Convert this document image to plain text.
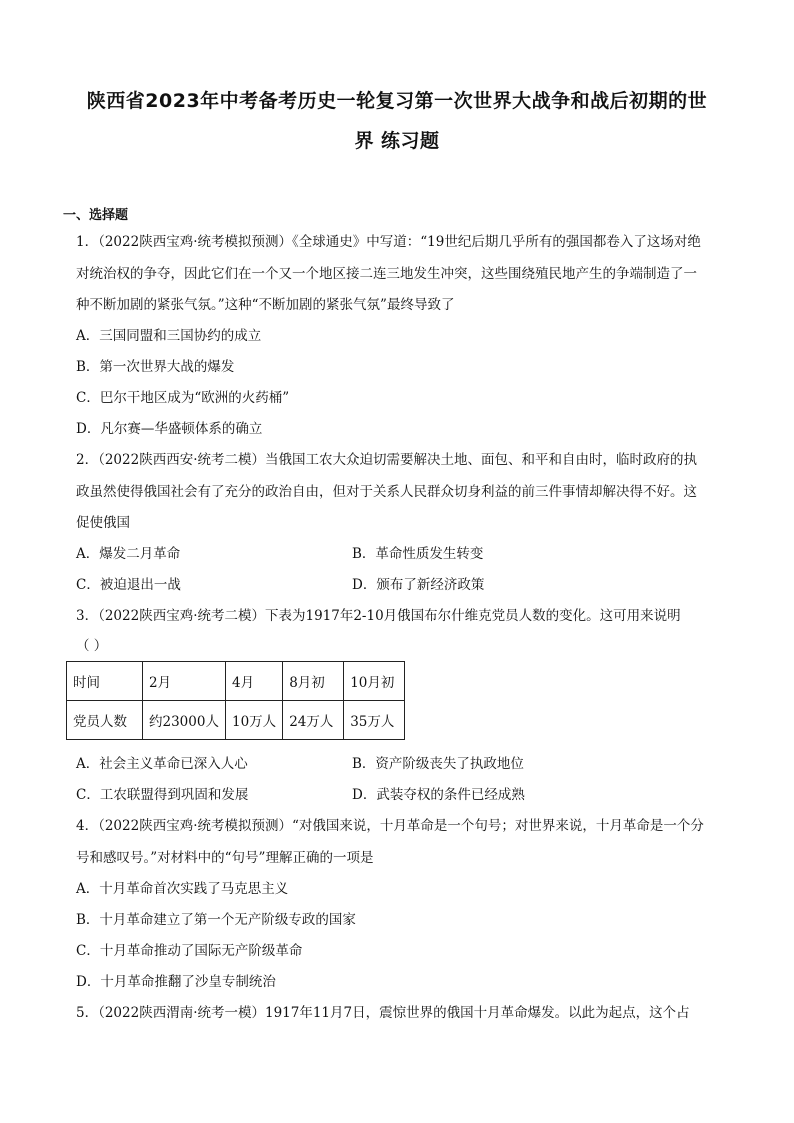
陕西省2023年中考备考历史一轮复习第一次世界大战争和战后初期的世
界 练习题
一、选择题
1．（2022陕西宝鸡·统考模拟预测）《全球通史》中写道：“19世纪后期几乎所有的强国都卷入了这场对绝
对统治权的争夺，因此它们在一个又一个地区接二连三地发生冲突，这些围绕殖民地产生的争端制造了一
种不断加剧的紧张气氛。”这种“不断加剧的紧张气氛”最终导致了
A．三国同盟和三国协约的成立
B．第一次世界大战的爆发
C．巴尔干地区成为“欧洲的火药桶”
D．凡尔赛—华盛顿体系的确立
2．（2022陕西西安·统考二模）当俄国工农大众迫切需要解决土地、面包、和平和自由时，临时政府的执
政虽然使得俄国社会有了充分的政治自由，但对于关系人民群众切身利益的前三件事情却解决得不好。这
促使俄国
A．爆发二月革命	B．革命性质发生转变
C．被迫退出一战	D．颁布了新经济政策
3．（2022陕西宝鸡·统考二模）下表为1917年2-10月俄国布尔什维克党员人数的变化。这可用来说明
（ ）
时间	2月	4月	8月初	10月初
党员人数	约23000人	10万人	24万人	35万人
A．社会主义革命已深入人心	B．资产阶级丧失了执政地位
C．工农联盟得到巩固和发展	D．武装夺权的条件已经成熟
4．（2022陕西宝鸡·统考模拟预测）“对俄国来说，十月革命是一个句号；对世界来说，十月革命是一个分
号和感叹号。”对材料中的“句号”理解正确的一项是
A．十月革命首次实践了马克思主义
B．十月革命建立了第一个无产阶级专政的国家
C．十月革命推动了国际无产阶级革命
D．十月革命推翻了沙皇专制统治
5．（2022陕西渭南·统考一模）1917年11月7日，震惊世界的俄国十月革命爆发。以此为起点，这个占
